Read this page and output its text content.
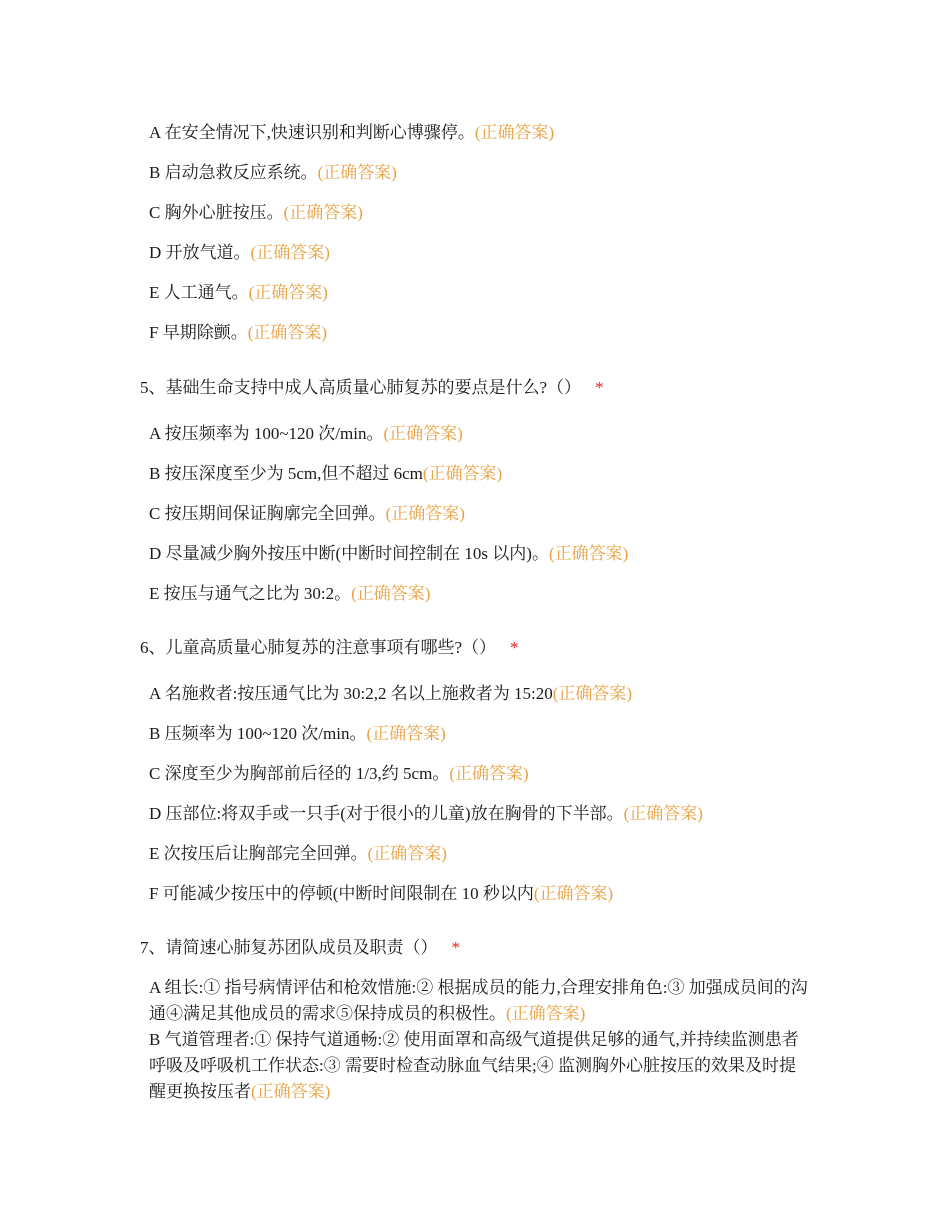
A 在安全情况下,快速识别和判断心博骤停。(正确答案)
B 启动急救反应系统。(正确答案)
C 胸外心脏按压。(正确答案)
D 开放气道。(正确答案)
E 人工通气。(正确答案)
F 早期除颤。(正确答案)
5、基础生命支持中成人高质量心肺复苏的要点是什么?（） *
A 按压频率为 100~120 次/min。(正确答案)
B 按压深度至少为 5cm,但不超过 6cm(正确答案)
C 按压期间保证胸廓完全回弹。(正确答案)
D 尽量减少胸外按压中断(中断时间控制在 10s 以内)。(正确答案)
E 按压与通气之比为 30:2。(正确答案)
6、儿童高质量心肺复苏的注意事项有哪些?（） *
A 名施救者:按压通气比为 30:2,2 名以上施救者为 15:20(正确答案)
B 压频率为 100~120 次/min。(正确答案)
C 深度至少为胸部前后径的 1/3,约 5cm。(正确答案)
D 压部位:将双手或一只手(对于很小的儿童)放在胸骨的下半部。(正确答案)
E 次按压后让胸部完全回弹。(正确答案)
F 可能减少按压中的停顿(中断时间限制在 10 秒以内(正确答案)
7、请简速心肺复苏团队成员及职责（） *
A 组长:① 指号病情评估和枪效惜施:② 根据成员的能力,合理安排角色:③ 加强成员间的沟通④满足其他成员的需求⑤保持成员的积极性。(正确答案)
B 气道管理者:① 保持气道通畅:② 使用面罩和高级气道提供足够的通气,并持续监测患者呼吸及呼吸机工作状态:③ 需要时检查动脉血气结果;④ 监测胸外心脏按压的效果及时提醒更换按压者(正确答案)
